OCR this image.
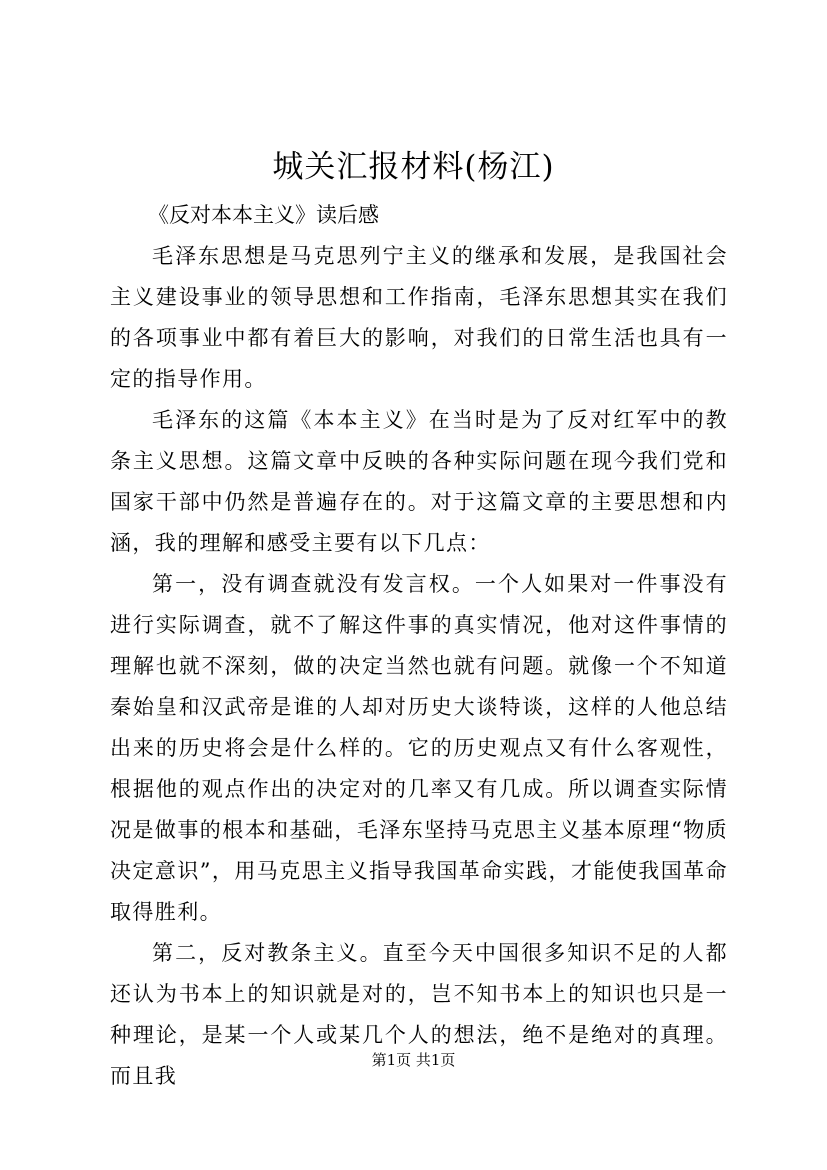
城关汇报材料(杨江)

《反对本本主义》读后感

毛泽东思想是马克思列宁主义的继承和发展，是我国社会主义建设事业的领导思想和工作指南，毛泽东思想其实在我们的各项事业中都有着巨大的影响，对我们的日常生活也具有一定的指导作用。

毛泽东的这篇《本本主义》在当时是为了反对红军中的教条主义思想。这篇文章中反映的各种实际问题在现今我们党和国家干部中仍然是普遍存在的。对于这篇文章的主要思想和内涵，我的理解和感受主要有以下几点：

第一，没有调查就没有发言权。一个人如果对一件事没有进行实际调查，就不了解这件事的真实情况，他对这件事情的理解也就不深刻，做的决定当然也就有问题。就像一个不知道秦始皇和汉武帝是谁的人却对历史大谈特谈，这样的人他总结出来的历史将会是什么样的。它的历史观点又有什么客观性，根据他的观点作出的决定对的几率又有几成。所以调查实际情况是做事的根本和基础，毛泽东坚持马克思主义基本原理“物质决定意识”，用马克思主义指导我国革命实践，才能使我国革命取得胜利。

第二，反对教条主义。直至今天中国很多知识不足的人都还认为书本上的知识就是对的，岂不知书本上的知识也只是一种理论，是某一个人或某几个人的想法，绝不是绝对的真理。而且我

第1页 共1页
